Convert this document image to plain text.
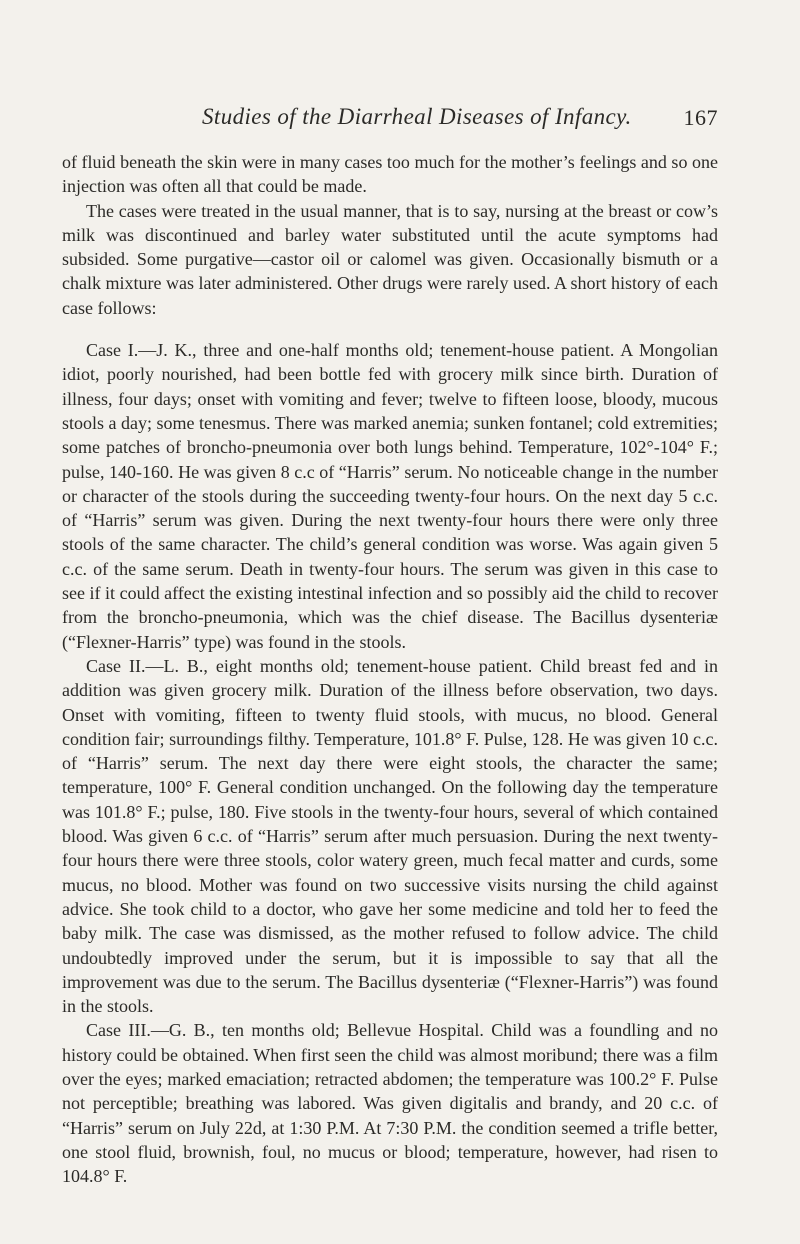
Studies of the Diarrheal Diseases of Infancy. 167

of fluid beneath the skin were in many cases too much for the mother’s feelings and so one injection was often all that could be made.

The cases were treated in the usual manner, that is to say, nursing at the breast or cow’s milk was discontinued and barley water substituted until the acute symptoms had subsided. Some purgative—castor oil or calomel was given. Occasionally bismuth or a chalk mixture was later administered. Other drugs were rarely used. A short history of each case follows:

Case I.—J. K., three and one-half months old; tenement-house patient. A Mongolian idiot, poorly nourished, had been bottle fed with grocery milk since birth. Duration of illness, four days; onset with vomiting and fever; twelve to fifteen loose, bloody, mucous stools a day; some tenesmus. There was marked anemia; sunken fontanel; cold extremities; some patches of broncho-pneumonia over both lungs behind. Temperature, 102°-104° F.; pulse, 140-160. He was given 8 c.c of “Harris” serum. No noticeable change in the number or character of the stools during the succeeding twenty-four hours. On the next day 5 c.c. of “Harris” serum was given. During the next twenty-four hours there were only three stools of the same character. The child’s general condition was worse. Was again given 5 c.c. of the same serum. Death in twenty-four hours. The serum was given in this case to see if it could affect the existing intestinal infection and so possibly aid the child to recover from the broncho-pneumonia, which was the chief disease. The Bacillus dysenteriæ (“Flexner-Harris” type) was found in the stools.

Case II.—L. B., eight months old; tenement-house patient. Child breast fed and in addition was given grocery milk. Duration of the illness before observation, two days. Onset with vomiting, fifteen to twenty fluid stools, with mucus, no blood. General condition fair; surroundings filthy. Temperature, 101.8° F. Pulse, 128. He was given 10 c.c. of “Harris” serum. The next day there were eight stools, the character the same; temperature, 100° F. General condition unchanged. On the following day the temperature was 101.8° F.; pulse, 180. Five stools in the twenty-four hours, several of which contained blood. Was given 6 c.c. of “Harris” serum after much persuasion. During the next twenty-four hours there were three stools, color watery green, much fecal matter and curds, some mucus, no blood. Mother was found on two successive visits nursing the child against advice. She took child to a doctor, who gave her some medicine and told her to feed the baby milk. The case was dismissed, as the mother refused to follow advice. The child undoubtedly improved under the serum, but it is impossible to say that all the improvement was due to the serum. The Bacillus dysenteriæ (“Flexner-Harris”) was found in the stools.

Case III.—G. B., ten months old; Bellevue Hospital. Child was a foundling and no history could be obtained. When first seen the child was almost moribund; there was a film over the eyes; marked emaciation; retracted abdomen; the temperature was 100.2° F. Pulse not perceptible; breathing was labored. Was given digitalis and brandy, and 20 c.c. of “Harris” serum on July 22d, at 1:30 P.M. At 7:30 P.M. the condition seemed a trifle better, one stool fluid, brownish, foul, no mucus or blood; temperature, however, had risen to 104.8° F.
